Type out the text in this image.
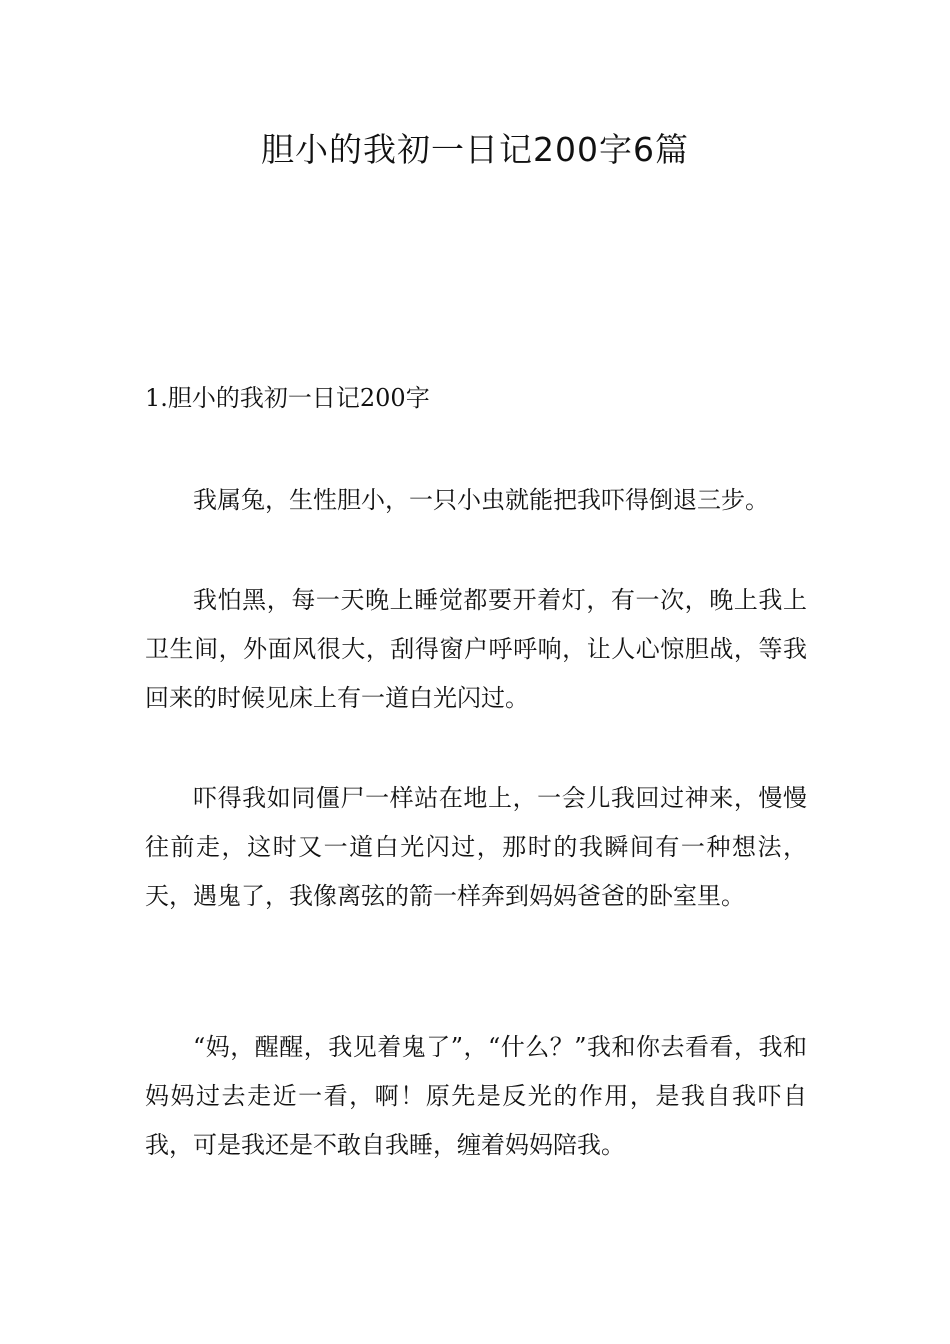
胆小的我初一日记200字6篇
1.胆小的我初一日记200字

我属兔，生性胆小，一只小虫就能把我吓得倒退三步。

我怕黑，每一天晚上睡觉都要开着灯，有一次，晚上我上卫生间，外面风很大，刮得窗户呼呼响，让人心惊胆战，等我回来的时候见床上有一道白光闪过。

吓得我如同僵尸一样站在地上，一会儿我回过神来，慢慢往前走，这时又一道白光闪过，那时的我瞬间有一种想法，天，遇鬼了，我像离弦的箭一样奔到妈妈爸爸的卧室里。

“妈，醒醒，我见着鬼了”，“什么？”我和你去看看，我和妈妈过去走近一看，啊！原先是反光的作用，是我自我吓自我，可是我还是不敢自我睡，缠着妈妈陪我。
